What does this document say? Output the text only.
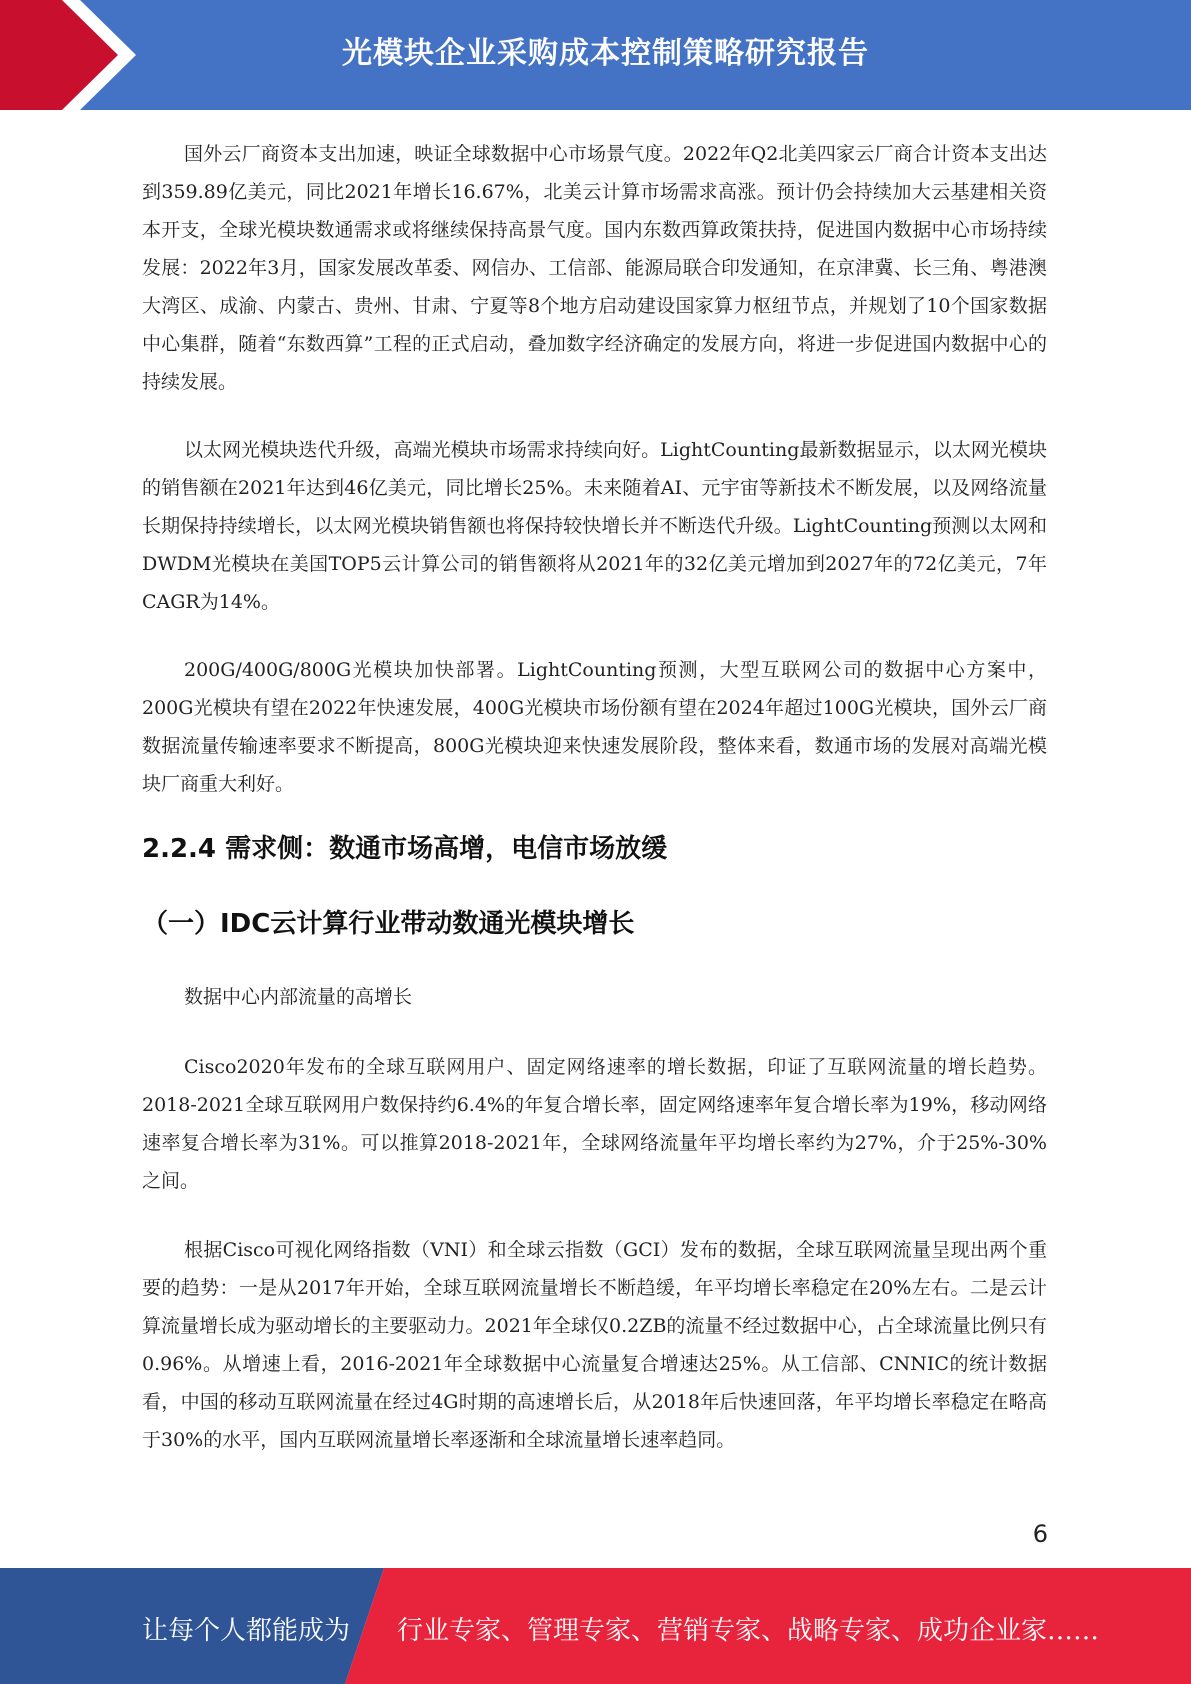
光模块企业采购成本控制策略研究报告

国外云厂商资本支出加速，映证全球数据中心市场景气度。2022年Q2北美四家云厂商合计资本支出达到359.89亿美元，同比2021年增长16.67%，北美云计算市场需求高涨。预计仍会持续加大云基建相关资本开支，全球光模块数通需求或将继续保持高景气度。国内东数西算政策扶持，促进国内数据中心市场持续发展：2022年3月，国家发展改革委、网信办、工信部、能源局联合印发通知，在京津冀、长三角、粤港澳大湾区、成渝、内蒙古、贵州、甘肃、宁夏等8个地方启动建设国家算力枢纽节点，并规划了10个国家数据中心集群，随着“东数西算”工程的正式启动，叠加数字经济确定的发展方向，将进一步促进国内数据中心的持续发展。

以太网光模块迭代升级，高端光模块市场需求持续向好。LightCounting最新数据显示，以太网光模块的销售额在2021年达到46亿美元，同比增长25%。未来随着AI、元宇宙等新技术不断发展，以及网络流量长期保持持续增长，以太网光模块销售额也将保持较快增长并不断迭代升级。LightCounting预测以太网和DWDM光模块在美国TOP5云计算公司的销售额将从2021年的32亿美元增加到2027年的72亿美元，7年CAGR为14%。

200G/400G/800G光模块加快部署。LightCounting预测，大型互联网公司的数据中心方案中，200G光模块有望在2022年快速发展，400G光模块市场份额有望在2024年超过100G光模块，国外云厂商数据流量传输速率要求不断提高，800G光模块迎来快速发展阶段，整体来看，数通市场的发展对高端光模块厂商重大利好。

2.2.4 需求侧：数通市场高增，电信市场放缓
（一）IDC云计算行业带动数通光模块增长

数据中心内部流量的高增长

Cisco2020年发布的全球互联网用户、固定网络速率的增长数据，印证了互联网流量的增长趋势。2018-2021全球互联网用户数保持约6.4%的年复合增长率，固定网络速率年复合增长率为19%，移动网络速率复合增长率为31%。可以推算2018-2021年，全球网络流量年平均增长率约为27%，介于25%-30%之间。

根据Cisco可视化网络指数（VNI）和全球云指数（GCI）发布的数据，全球互联网流量呈现出两个重要的趋势：一是从2017年开始，全球互联网流量增长不断趋缓，年平均增长率稳定在20%左右。二是云计算流量增长成为驱动增长的主要驱动力。2021年全球仅0.2ZB的流量不经过数据中心，占全球流量比例只有0.96%。从增速上看，2016-2021年全球数据中心流量复合增速达25%。从工信部、CNNIC的统计数据看，中国的移动互联网流量在经过4G时期的高速增长后，从2018年后快速回落，年平均增长率稳定在略高于30%的水平，国内互联网流量增长率逐渐和全球流量增长速率趋同。

6
让每个人都能成为 行业专家、管理专家、营销专家、战略专家、成功企业家……
